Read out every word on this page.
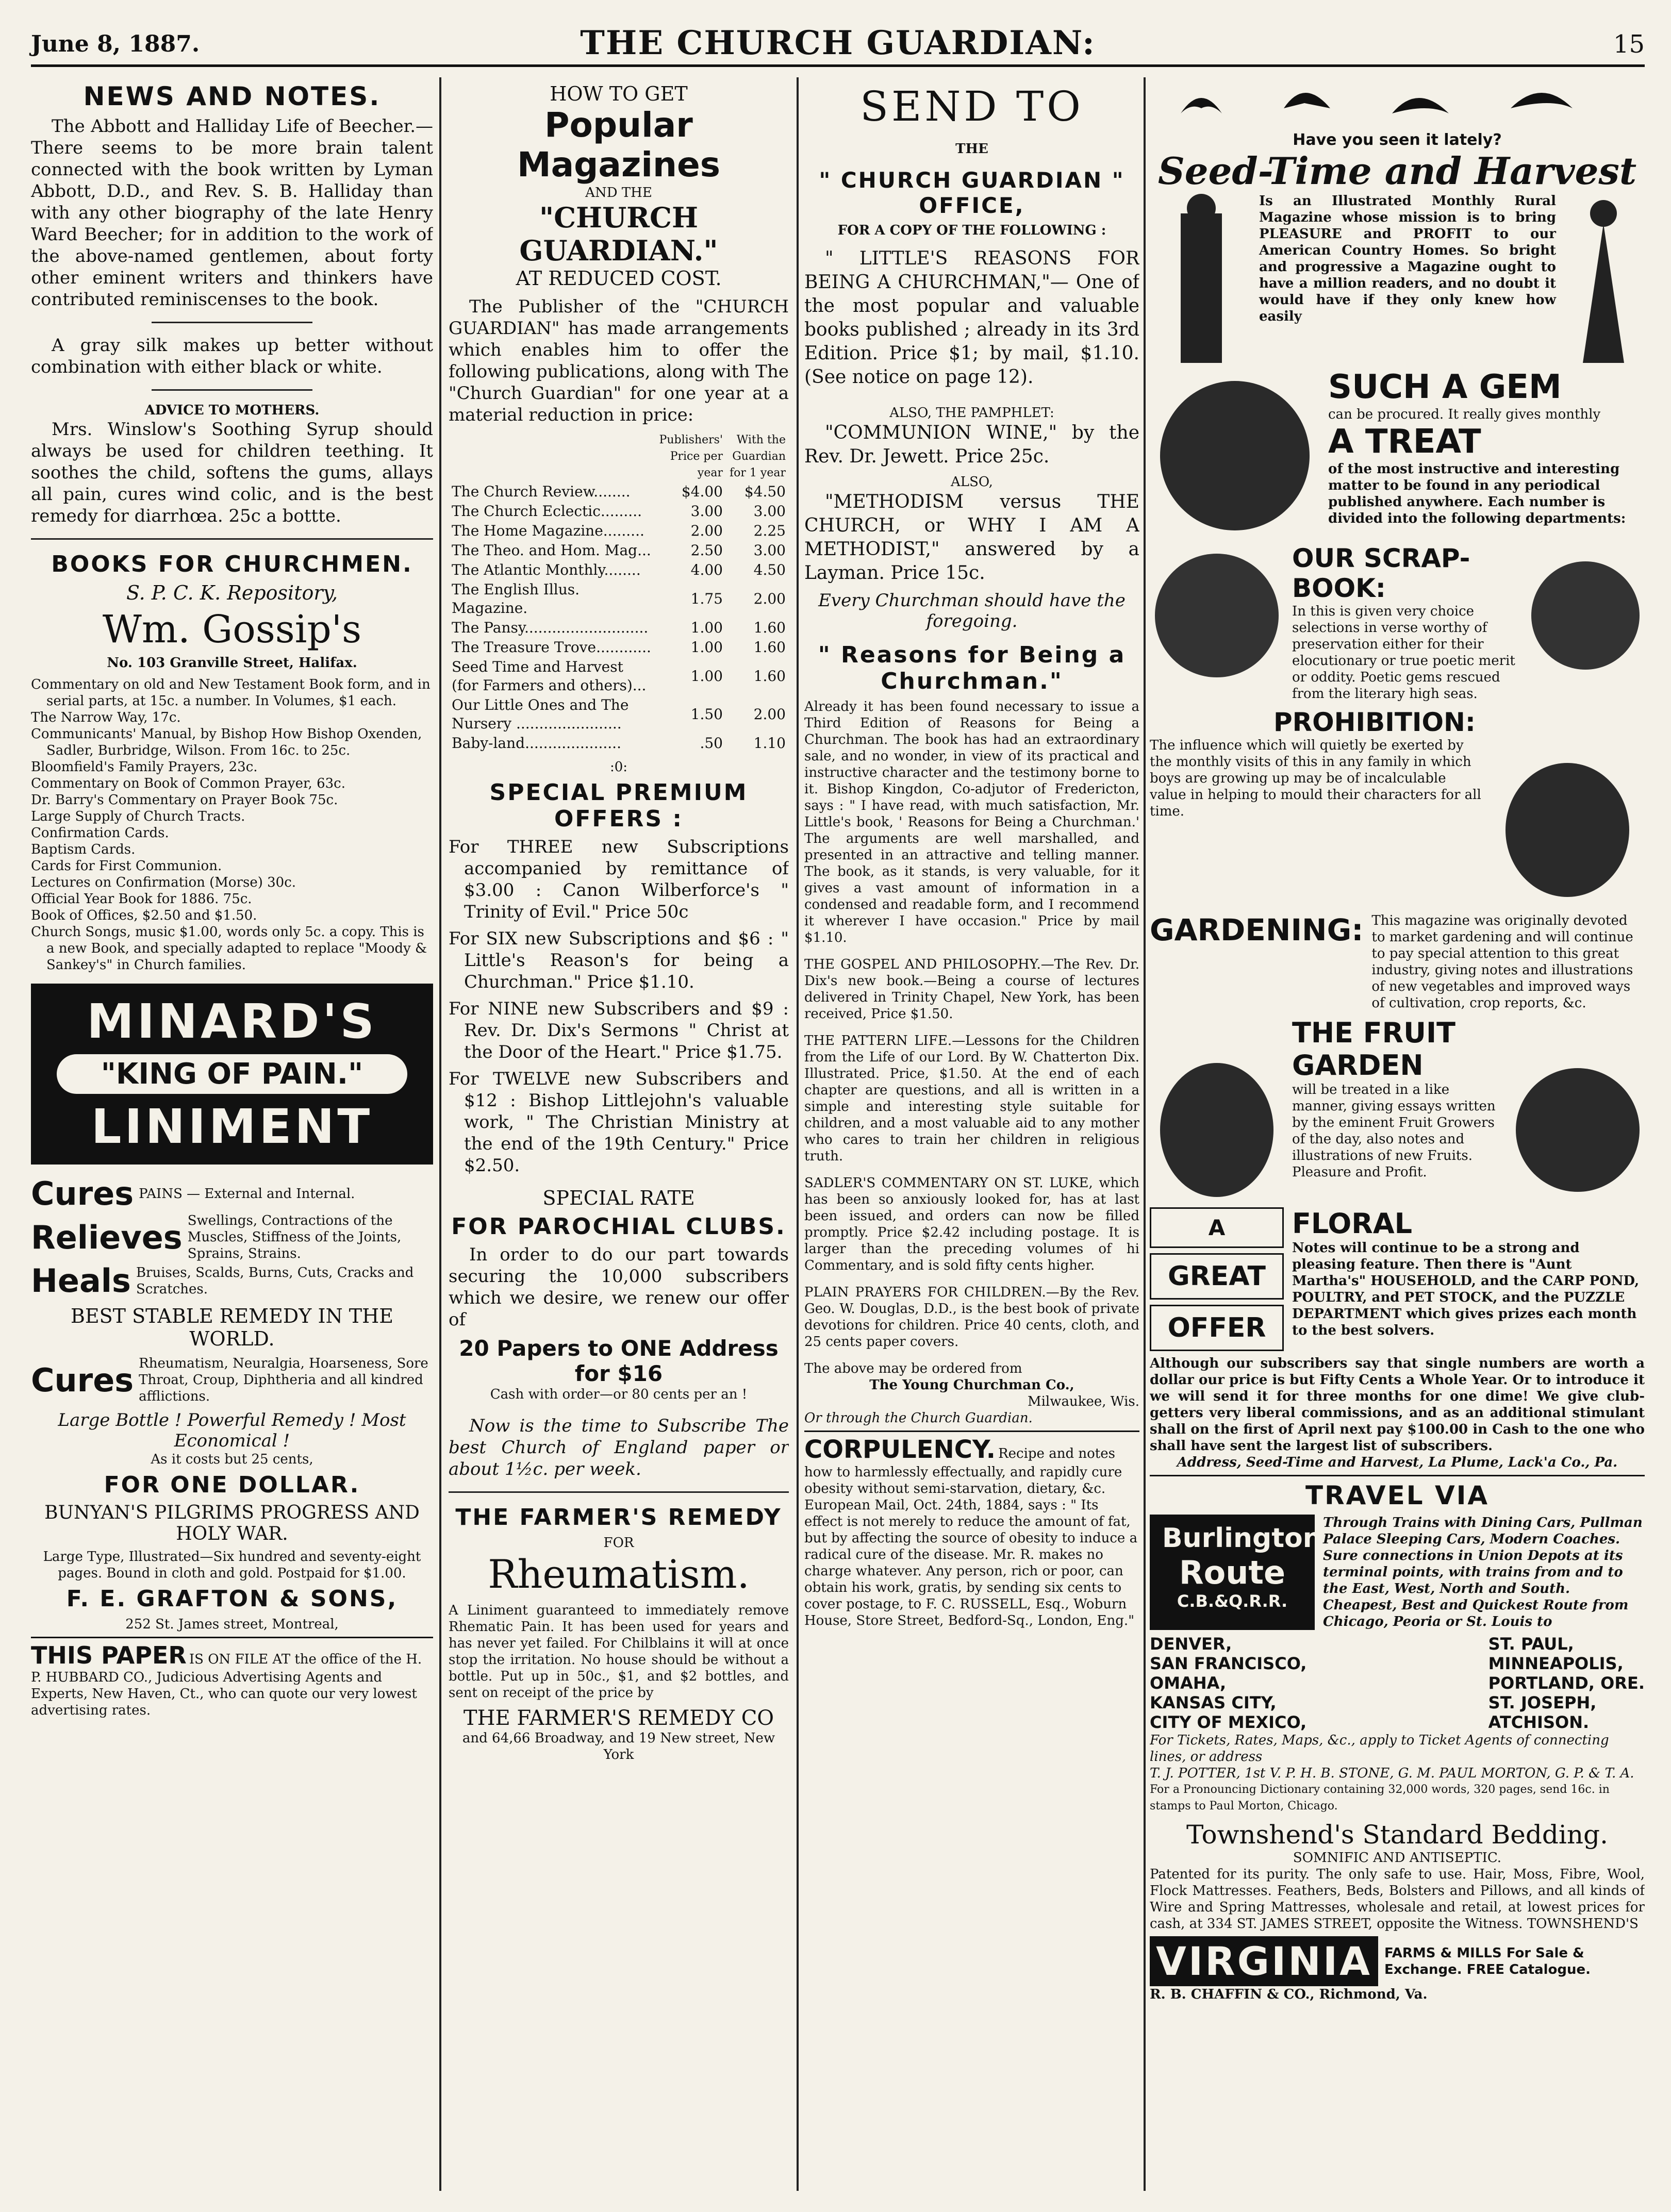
June 8, 1887.	THE CHURCH GUARDIAN:	15
NEWS AND NOTES.

The Abbott and Halliday Life of Beecher.—There seems to be more brain talent connected with the book written by Lyman Abbott, D.D., and Rev. S. B. Halliday than with any other biography of the late Henry Ward Beecher; for in addition to the work of the above-named gentlemen, about forty other eminent writers and thinkers have contributed reminiscenses to the book.

A gray silk makes up better without combination with either black or white.

ADVICE TO MOTHERS.

Mrs. Winslow's Soothing Syrup should always be used for children teething. It soothes the child, softens the gums, allays all pain, cures wind colic, and is the best remedy for diarrhœa. 25c a bottte.

BOOKS FOR CHURCHMEN.
S. P. C. K. Repository,
Wm. Gossip's
No. 103 Granville Street, Halifax.

Commentary on old and New Testament Book form, and in serial parts, at 15c. a number. In Volumes, $1 each.

The Narrow Way, 17c.

Communicants' Manual, by Bishop How Bishop Oxenden, Sadler, Burbridge, Wilson. From 16c. to 25c.

Bloomfield's Family Prayers, 23c.

Commentary on Book of Common Prayer, 63c.

Dr. Barry's Commentary on Prayer Book 75c.

Large Supply of Church Tracts.

Confirmation Cards.

Baptism Cards.

Cards for First Communion.

Lectures on Confirmation (Morse) 30c.

Official Year Book for 1886. 75c.

Book of Offices, $2.50 and $1.50.

Church Songs, music $1.00, words only 5c. a copy. This is a new Book, and specially adapted to replace "Moody & Sankey's" in Church families.

MINARD'S
"KING OF PAIN."
LINIMENT
Cures PAINS — External and Internal.
Relieves Swellings, Contractions of the Muscles, Stiffness of the Joints, Sprains, Strains.
Heals Bruises, Scalds, Burns, Cuts, Cracks and Scratches.
BEST STABLE REMEDY IN THE WORLD.
Cures Rheumatism, Neuralgia, Hoarseness, Sore Throat, Croup, Diphtheria and all kindred afflictions.
Large Bottle ! Powerful Remedy ! Most Economical !
As it costs but 25 cents,
FOR ONE DOLLAR.
BUNYAN'S PILGRIMS PROGRESS AND HOLY WAR.
Large Type, Illustrated—Six hundred and seventy-eight pages. Bound in cloth and gold. Postpaid for $1.00.
F. E. GRAFTON & SONS,
252 St. James street, Montreal,
THIS PAPER IS ON FILE AT the office of the H. P. HUBBARD CO., Judicious Advertising Agents and Experts, New Haven, Ct., who can quote our very lowest advertising rates.
HOW TO GET
Popular Magazines
AND THE
"CHURCH GUARDIAN."
AT REDUCED COST.

The Publisher of the "CHURCH GUARDIAN" has made arrangements which enables him to offer the following publications, along with The "Church Guardian" for one year at a material reduction in price:

	Publishers' Price per year	With the Guardian for 1 year
The Church Review........	$4.00	$4.50
The Church Eclectic.........	3.00	3.00
The Home Magazine.........	2.00	2.25
The Theo. and Hom. Mag...	2.50	3.00
The Atlantic Monthly........	4.00	4.50
The English Illus. Magazine.	1.75	2.00
The Pansy...........................	1.00	1.60
The Treasure Trove............	1.00	1.60
Seed Time and Harvest (for Farmers and others)...	1.00	1.60
Our Little Ones and The Nursery .......................	1.50	2.00
Baby-land.....................	.50	1.10
:0:
SPECIAL PREMIUM OFFERS :

For THREE new Subscriptions accompanied by remittance of $3.00 : Canon Wilberforce's " Trinity of Evil." Price 50c

For SIX new Subscriptions and $6 : " Little's Reason's for being a Churchman." Price $1.10.

For NINE new Subscribers and $9 : Rev. Dr. Dix's Sermons " Christ at the Door of the Heart." Price $1.75.

For TWELVE new Subscribers and $12 : Bishop Littlejohn's valuable work, " The Christian Ministry at the end of the 19th Century." Price $2.50.

SPECIAL RATE
FOR PAROCHIAL CLUBS.

In order to do our part towards securing the 10,000 subscribers which we desire, we renew our offer of

20 Papers to ONE Address for $16
Cash with order—or 80 cents per an !

Now is the time to Subscribe The best Church of England paper or about 1½c. per week.

THE FARMER'S REMEDY
FOR
Rheumatism.

A Liniment guaranteed to immediately remove Rhematic Pain. It has been used for years and has never yet failed. For Chilblains it will at once stop the irritation. No house should be without a bottle. Put up in 50c., $1, and $2 bottles, and sent on receipt of the price by

THE FARMER'S REMEDY CO
and 64,66 Broadway, and 19 New street, New York
SEND TO
THE
" CHURCH GUARDIAN " OFFICE,
FOR A COPY OF THE FOLLOWING :

" LITTLE'S REASONS FOR BEING A CHURCHMAN,"— One of the most popular and valuable books published ; already in its 3rd Edition. Price $1; by mail, $1.10. (See notice on page 12).

ALSO, THE PAMPHLET:

"COMMUNION WINE," by the Rev. Dr. Jewett. Price 25c.

ALSO,

"METHODISM versus THE CHURCH, or WHY I AM A METHODIST," answered by a Layman. Price 15c.

Every Churchman should have the foregoing.
" Reasons for Being a Churchman."

Already it has been found necessary to issue a Third Edition of Reasons for Being a Churchman. The book has had an extraordinary sale, and no wonder, in view of its practical and instructive character and the testimony borne to it. Bishop Kingdon, Co-adjutor of Fredericton, says : " I have read, with much satisfaction, Mr. Little's book, ' Reasons for Being a Churchman.' The arguments are well marshalled, and presented in an attractive and telling manner. The book, as it stands, is very valuable, for it gives a vast amount of information in a condensed and readable form, and I recommend it wherever I have occasion." Price by mail $1.10.

THE GOSPEL AND PHILOSOPHY.—The Rev. Dr. Dix's new book.—Being a course of lectures delivered in Trinity Chapel, New York, has been received, Price $1.50.

THE PATTERN LIFE.—Lessons for the Children from the Life of our Lord. By W. Chatterton Dix. Illustrated. Price, $1.50. At the end of each chapter are questions, and all is written in a simple and interesting style suitable for children, and a most valuable aid to any mother who cares to train her children in religious truth.

SADLER'S COMMENTARY ON ST. LUKE, which has been so anxiously looked for, has at last been issued, and orders can now be filled promptly. Price $2.42 including postage. It is larger than the preceding volumes of hi Commentary, and is sold fifty cents higher.

PLAIN PRAYERS FOR CHILDREN.—By the Rev. Geo. W. Douglas, D.D., is the best book of private devotions for children. Price 40 cents, cloth, and 25 cents paper covers.

The above may be ordered from
The Young Churchman Co.,
Milwaukee, Wis.
Or through the Church Guardian.
CORPULENCY. Recipe and notes how to harmlessly effectually, and rapidly cure obesity without semi-starvation, dietary, &c. European Mail, Oct. 24th, 1884, says : " Its effect is not merely to reduce the amount of fat, but by affecting the source of obesity to induce a radical cure of the disease. Mr. R. makes no charge whatever. Any person, rich or poor, can obtain his work, gratis, by sending six cents to cover postage, to F. C. RUSSELL, Esq., Woburn House, Store Street, Bedford-Sq., London, Eng."
Have you seen it lately?
Seed-Time and Harvest

Is an Illustrated Monthly Rural Magazine whose mission is to bring PLEASURE and PROFIT to our American Country Homes. So bright and progressive a Magazine ought to have a million readers, and no doubt it would have if they only knew how easily

SUCH A GEM
can be procured. It really gives monthly
A TREAT
of the most instructive and interesting matter to be found in any periodical published anywhere. Each number is divided into the following departments:
OUR SCRAP-BOOK:
In this is given very choice selections in verse worthy of preservation either for their elocutionary or true poetic merit or oddity. Poetic gems rescued from the literary high seas.
PROHIBITION:

The influence which will quietly be exerted by the monthly visits of this in any family in which boys are growing up may be of incalculable value in helping to mould their characters for all time.

GARDENING: This magazine was originally devoted to market gardening and will continue to pay special attention to this great industry, giving notes and illustrations of new vegetables and improved ways of cultivation, crop reports, &c.
THE FRUIT GARDEN
will be treated in a like manner, giving essays written by the eminent Fruit Growers of the day, also notes and illustrations of new Fruits. Pleasure and Profit.
A
GREAT
OFFER
FLORAL
Notes will continue to be a strong and pleasing feature. Then there is "Aunt Martha's" HOUSEHOLD, and the CARP POND, POULTRY, and PET STOCK, and the PUZZLE DEPARTMENT which gives prizes each month to the best solvers.

Although our subscribers say that single numbers are worth a dollar our price is but Fifty Cents a Whole Year. Or to introduce it we will send it for three months for one dime! We give club-getters very liberal commissions, and as an additional stimulant shall on the first of April next pay $100.00 in Cash to the one who shall have sent the largest list of subscribers.

Address, Seed-Time and Harvest, La Plume, Lack'a Co., Pa.
TRAVEL VIA
Burlington
Route
C.B.&Q.R.R.

Through Trains with Dining Cars, Pullman Palace Sleeping Cars, Modern Coaches. Sure connections in Union Depots at its terminal points, with trains from and to the East, West, North and South. Cheapest, Best and Quickest Route from Chicago, Peoria or St. Louis to

DENVER,
SAN FRANCISCO,
OMAHA,
KANSAS CITY,
CITY OF MEXICO,
ST. PAUL,
MINNEAPOLIS,
PORTLAND, ORE.
ST. JOSEPH,
ATCHISON.
For Tickets, Rates, Maps, &c., apply to Ticket Agents of connecting lines, or address
T. J. POTTER, 1st V. P. H. B. STONE, G. M. PAUL MORTON, G. P. & T. A.
For a Pronouncing Dictionary containing 32,000 words, 320 pages, send 16c. in stamps to Paul Morton, Chicago.
Townshend's Standard Bedding.
SOMNIFIC AND ANTISEPTIC.

Patented for its purity. The only safe to use. Hair, Moss, Fibre, Wool, Flock Mattresses. Feathers, Beds, Bolsters and Pillows, and all kinds of Wire and Spring Mattresses, wholesale and retail, at lowest prices for cash, at 334 ST. JAMES STREET, opposite the Witness. TOWNSHEND'S

VIRGINIA FARMS & MILLS For Sale & Exchange. FREE Catalogue.
R. B. CHAFFIN & CO., Richmond, Va.
